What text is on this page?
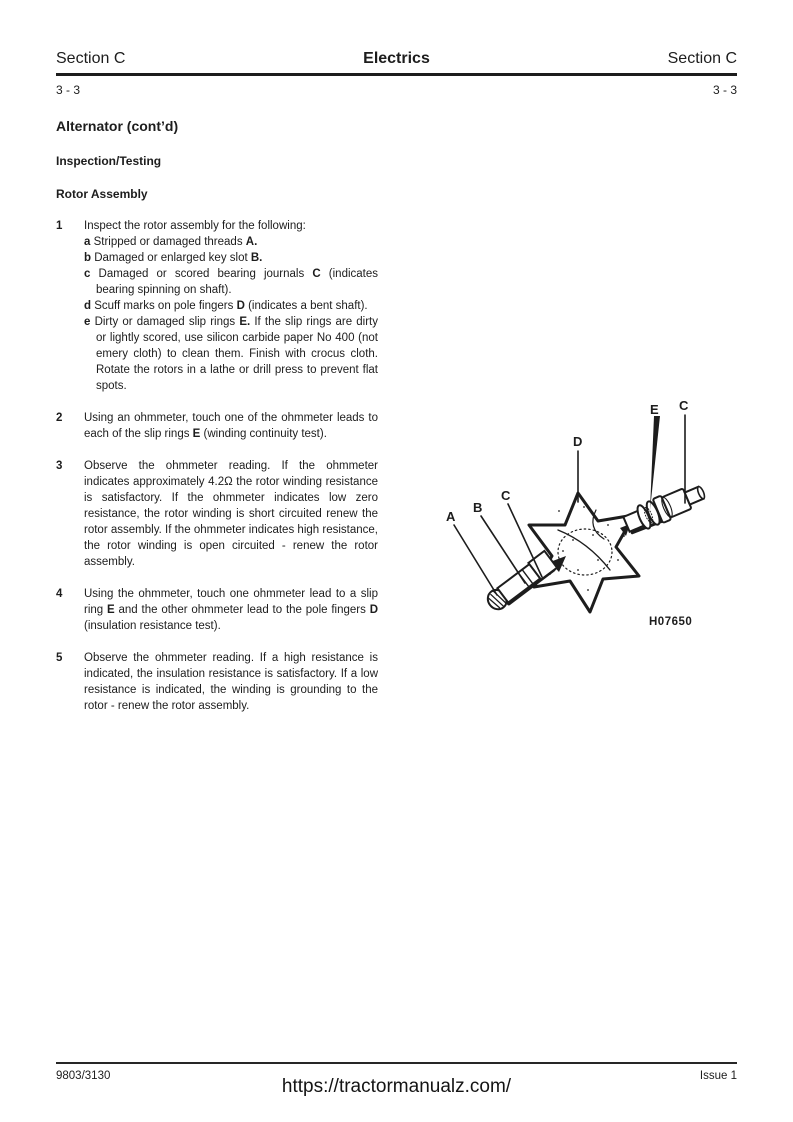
Section C	Electrics	Section C
3 - 3	3 - 3
Alternator (cont’d)
Inspection/Testing
Rotor Assembly
1	Inspect the rotor assembly for the following:

a Stripped or damaged threads A.

b Damaged or enlarged key slot B.

c Damaged or scored bearing journals C (indicates bearing spinning on shaft).

d Scuff marks on pole fingers D (indicates a bent shaft).

e Dirty or damaged slip rings E. If the slip rings are dirty or lightly scored, use silicon carbide paper No 400 (not emery cloth) to clean them. Finish with crocus cloth. Rotate the rotors in a lathe or drill press to prevent flat spots.

2	Using an ohmmeter, touch one of the ohmmeter leads to each of the slip rings E (winding continuity test).

3	Observe the ohmmeter reading. If the ohmmeter indicates approximately 4.2Ω the rotor winding resistance is satisfactory. If the ohmmeter indicates low zero resistance, the rotor winding is short circuited renew the rotor assembly. If the ohmmeter indicates high resistance, the rotor winding is open circuited - renew the rotor assembly.

4	Using the ohmmeter, touch one ohmmeter lead to a slip ring E and the other ohmmeter lead to the pole fingers D (insulation resistance test).

5	Observe the ohmmeter reading. If a high resistance is indicated, the insulation resistance is satisfactory. If a low resistance is indicated, the winding is grounding to the rotor - renew the rotor assembly.

A
B
C
D
E C
H07650
9803/3130	Issue 1
https://tractormanualz.com/
